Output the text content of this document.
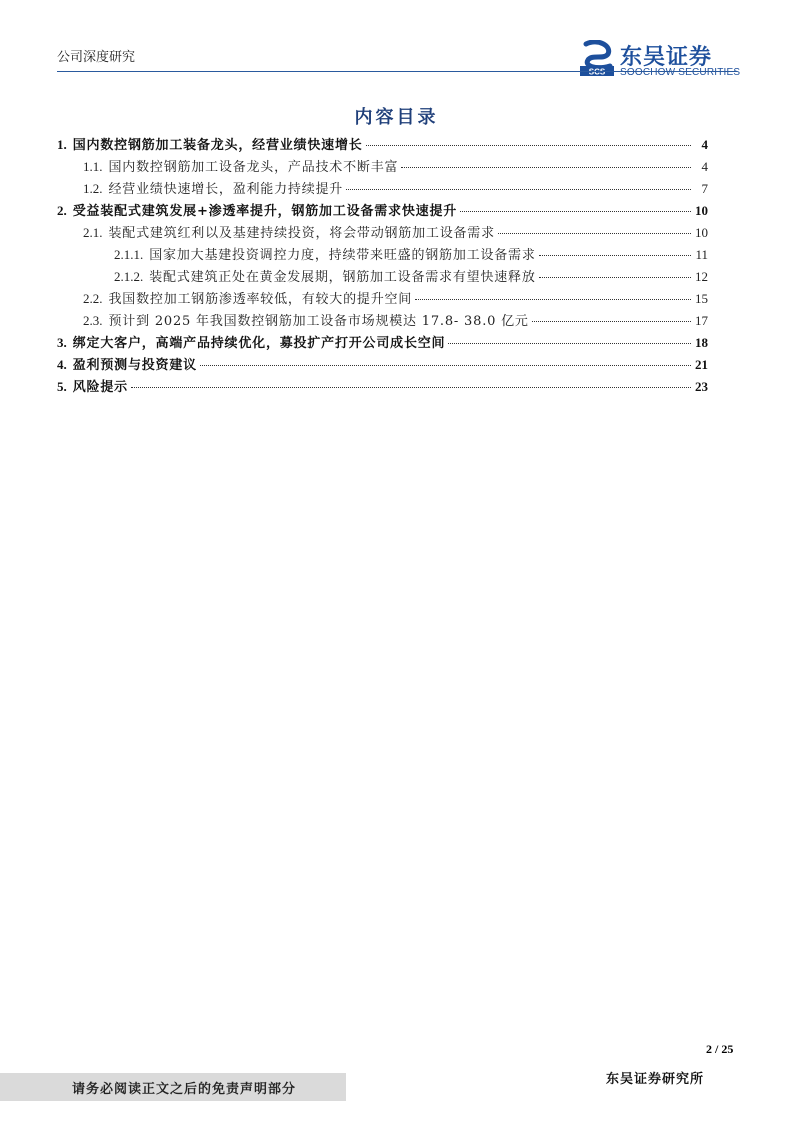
公司深度研究
SCS
东吴证券
SOOCHOW SECURITIES
内容目录
1. 国内数控钢筋加工装备龙头，经营业绩快速增长	4
1.1. 国内数控钢筋加工设备龙头，产品技术不断丰富	4
1.2. 经营业绩快速增长，盈利能力持续提升	7
2. 受益装配式建筑发展+渗透率提升，钢筋加工设备需求快速提升	10
2.1. 装配式建筑红利以及基建持续投资，将会带动钢筋加工设备需求	10
2.1.1. 国家加大基建投资调控力度，持续带来旺盛的钢筋加工设备需求	11
2.1.2. 装配式建筑正处在黄金发展期，钢筋加工设备需求有望快速释放	12
2.2. 我国数控加工钢筋渗透率较低，有较大的提升空间	15
2.3. 预计到 2025 年我国数控钢筋加工设备市场规模达 17.8- 38.0 亿元	17
3. 绑定大客户，高端产品持续优化，募投扩产打开公司成长空间	18
4. 盈利预测与投资建议	21
5. 风险提示	23
2 / 25
请务必阅读正文之后的免责声明部分
东吴证券研究所
